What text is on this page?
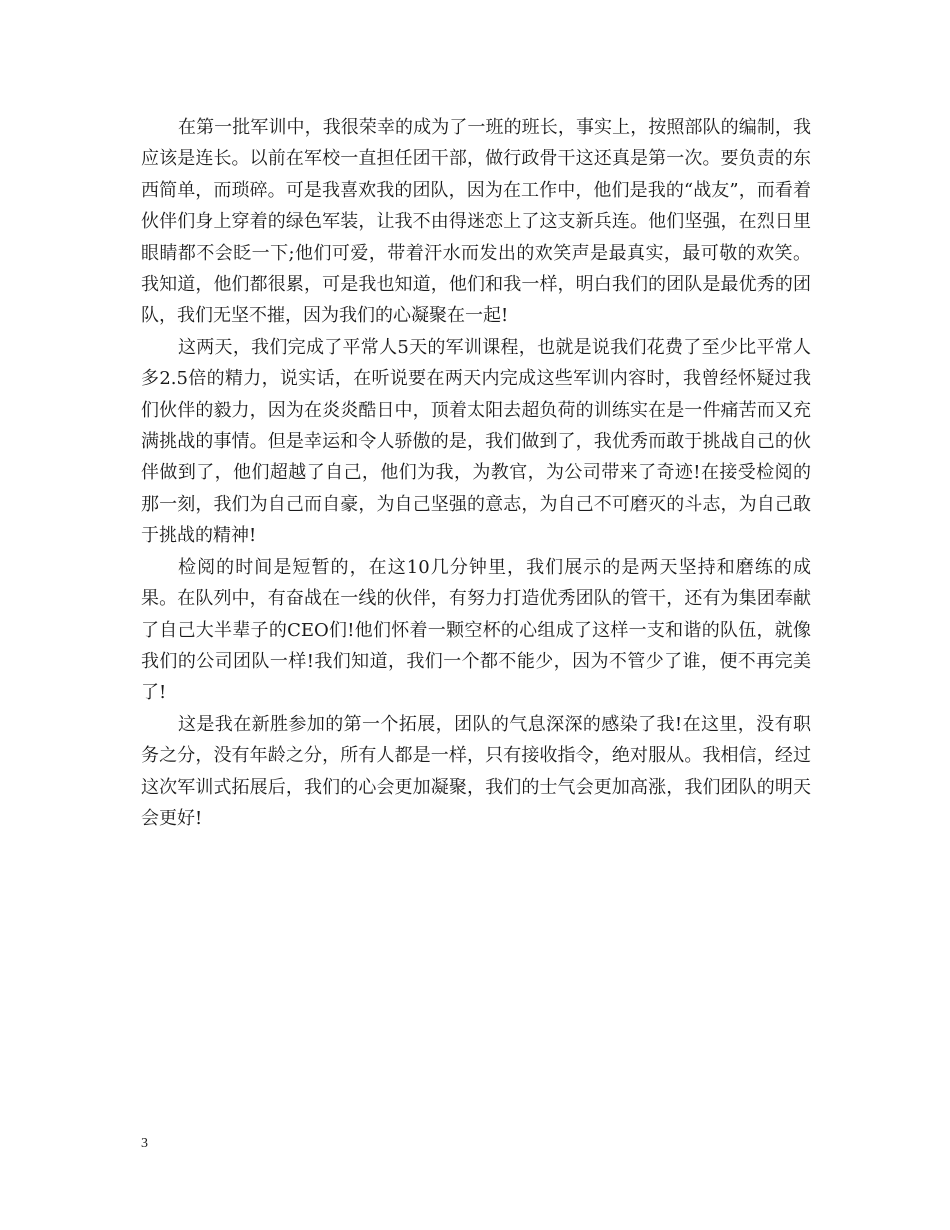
在第一批军训中，我很荣幸的成为了一班的班长，事实上，按照部队的编制，我应该是连长。以前在军校一直担任团干部，做行政骨干这还真是第一次。要负责的东西简单，而琐碎。可是我喜欢我的团队，因为在工作中，他们是我的“战友”，而看着伙伴们身上穿着的绿色军装，让我不由得迷恋上了这支新兵连。他们坚强，在烈日里眼睛都不会眨一下;他们可爱，带着汗水而发出的欢笑声是最真实，最可敬的欢笑。我知道，他们都很累，可是我也知道，他们和我一样，明白我们的团队是最优秀的团队，我们无坚不摧，因为我们的心凝聚在一起!

这两天，我们完成了平常人5天的军训课程，也就是说我们花费了至少比平常人多2.5倍的精力，说实话，在听说要在两天内完成这些军训内容时，我曾经怀疑过我们伙伴的毅力，因为在炎炎酷日中，顶着太阳去超负荷的训练实在是一件痛苦而又充满挑战的事情。但是幸运和令人骄傲的是，我们做到了，我优秀而敢于挑战自己的伙伴做到了，他们超越了自己，他们为我，为教官，为公司带来了奇迹!在接受检阅的那一刻，我们为自己而自豪，为自己坚强的意志，为自己不可磨灭的斗志，为自己敢于挑战的精神!

检阅的时间是短暂的，在这10几分钟里，我们展示的是两天坚持和磨练的成果。在队列中，有奋战在一线的伙伴，有努力打造优秀团队的管干，还有为集团奉献了自己大半辈子的CEO们!他们怀着一颗空杯的心组成了这样一支和谐的队伍，就像我们的公司团队一样!我们知道，我们一个都不能少，因为不管少了谁，便不再完美了!

这是我在新胜参加的第一个拓展，团队的气息深深的感染了我!在这里，没有职务之分，没有年龄之分，所有人都是一样，只有接收指令，绝对服从。我相信，经过这次军训式拓展后，我们的心会更加凝聚，我们的士气会更加高涨，我们团队的明天会更好!

3
